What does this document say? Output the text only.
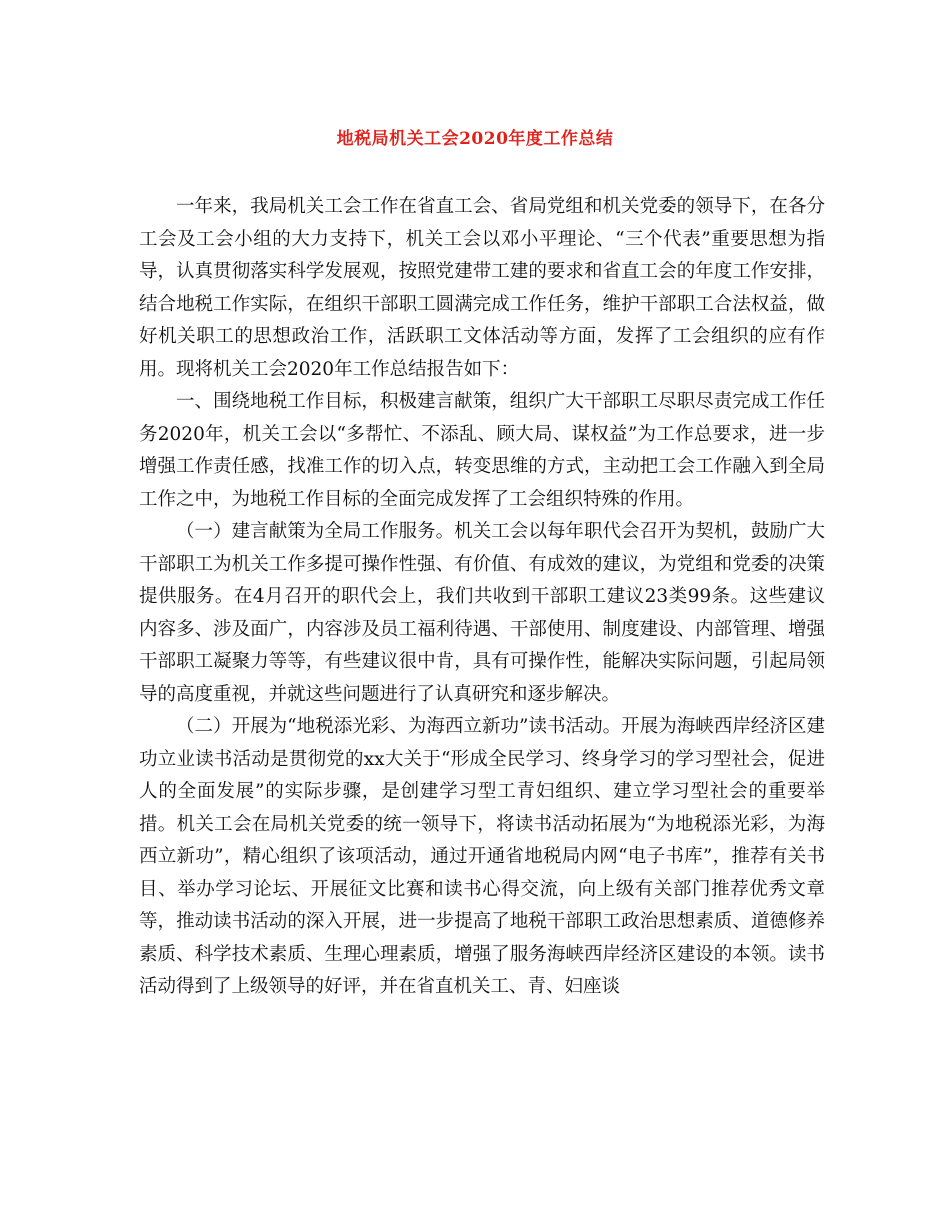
地税局机关工会2020年度工作总结

一年来，我局机关工会工作在省直工会、省局党组和机关党委的领导下，在各分工会及工会小组的大力支持下，机关工会以邓小平理论、“三个代表”重要思想为指导，认真贯彻落实科学发展观，按照党建带工建的要求和省直工会的年度工作安排，结合地税工作实际，在组织干部职工圆满完成工作任务，维护干部职工合法权益，做好机关职工的思想政治工作，活跃职工文体活动等方面，发挥了工会组织的应有作用。现将机关工会2020年工作总结报告如下：

一、围绕地税工作目标，积极建言献策，组织广大干部职工尽职尽责完成工作任务2020年，机关工会以“多帮忙、不添乱、顾大局、谋权益”为工作总要求，进一步增强工作责任感，找准工作的切入点，转变思维的方式，主动把工会工作融入到全局工作之中，为地税工作目标的全面完成发挥了工会组织特殊的作用。

（一）建言献策为全局工作服务。机关工会以每年职代会召开为契机，鼓励广大干部职工为机关工作多提可操作性强、有价值、有成效的建议，为党组和党委的决策提供服务。在4月召开的职代会上，我们共收到干部职工建议23类99条。这些建议内容多、涉及面广，内容涉及员工福利待遇、干部使用、制度建设、内部管理、增强干部职工凝聚力等等，有些建议很中肯，具有可操作性，能解决实际问题，引起局领导的高度重视，并就这些问题进行了认真研究和逐步解决。

（二）开展为“地税添光彩、为海西立新功”读书活动。开展为海峡西岸经济区建功立业读书活动是贯彻党的xx大关于“形成全民学习、终身学习的学习型社会，促进人的全面发展”的实际步骤，是创建学习型工青妇组织、建立学习型社会的重要举措。机关工会在局机关党委的统一领导下，将读书活动拓展为“为地税添光彩，为海西立新功”，精心组织了该项活动，通过开通省地税局内网“电子书库”，推荐有关书目、举办学习论坛、开展征文比赛和读书心得交流，向上级有关部门推荐优秀文章等，推动读书活动的深入开展，进一步提高了地税干部职工政治思想素质、道德修养素质、科学技术素质、生理心理素质，增强了服务海峡西岸经济区建设的本领。读书活动得到了上级领导的好评，并在省直机关工、青、妇座谈
